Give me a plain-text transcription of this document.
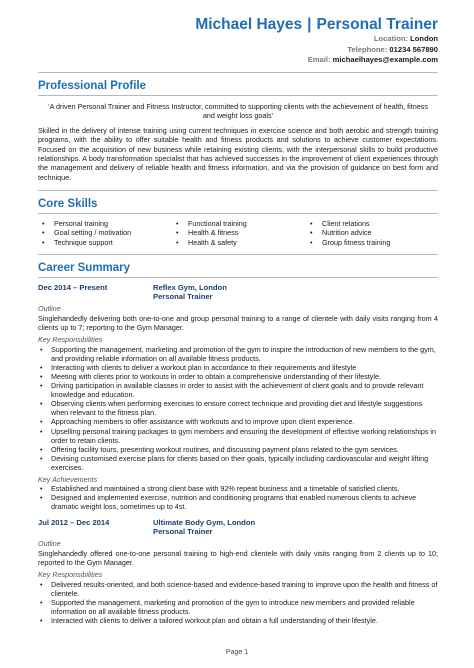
Michael Hayes | Personal Trainer
Location: London
Telephone: 01234 567890
Email: michaelhayes@example.com
Professional Profile

‘A driven Personal Trainer and Fitness Instructor, committed to supporting clients with the achievement of health, fitness and weight loss goals’

Skilled in the delivery of intense training using current techniques in exercise science and both aerobic and strength training programs, with the ability to offer suitable health and fitness products and solutions to achieve customer expectations. Focused on the acquisition of new business while retaining existing clients, with the interpersonal skills to build productive relationships. A body transformation specialist that has achieved successes in the improvement of client experiences through the management and delivery of reliable health and fitness information, and via the provision of guidance on best form and technique.

Core Skills
• Personal training
• Goal setting / motivation
• Technique support
• Functional training
• Health & fitness
• Health & safety
• Client relations
• Nutrition advice
• Group fitness training
Career Summary
Dec 2014 – Present	Reflex Gym, London
Personal Trainer
Outline

Singlehandedly delivering both one-to-one and group personal training to a range of clientele with daily visits ranging from 4 clients up to 7; reporting to the Gym Manager.

Key Responsibilities
• Supporting the management, marketing and promotion of the gym to inspire the introduction of new members to the gym, and providing reliable information on all available fitness products.
• Interacting with clients to deliver a workout plan in accordance to their requirements and lifestyle
• Meeting with clients prior to workouts in order to obtain a comprehensive understanding of their lifestyle.
• Driving participation in available classes in order to assist with the achievement of client goals and to provide relevant knowledge and education.
• Observing clients when performing exercises to ensure correct technique and providing diet and lifestyle suggestions when relevant to the fitness plan.
• Approaching members to offer assistance with workouts and to improve upon client experience.
• Upselling personal training packages to gym members and ensuring the development of effective working relationships in order to retain clients.
• Offering facility tours, presenting workout routines, and discussing payment plans related to the gym services.
• Devising customised exercise plans for clients based on their goals, typically including cardiovascular and weight lifting exercises.
Key Achievements
• Established and maintained a strong client base with 92% repeat business and a timetable of satisfied clients.
• Designed and implemented exercise, nutrition and conditioning programs that enabled numerous clients to achieve dramatic weight loss, sometimes up to 4st.
Jul 2012 – Dec 2014	Ultimate Body Gym, London
Personal Trainer
Outline

Singlehandedly offered one-to-one personal training to high-end clientele with daily visits ranging from 2 clients up to 10; reported to the Gym Manager.

Key Responsibilities
• Delivered results-oriented, and both science-based and evidence-based training to improve upon the health and fitness of clientele.
• Supported the management, marketing and promotion of the gym to introduce new members and provided reliable information on all available fitness products.
• Interacted with clients to deliver a tailored workout plan and obtain a full understanding of their lifestyle.
Page 1
